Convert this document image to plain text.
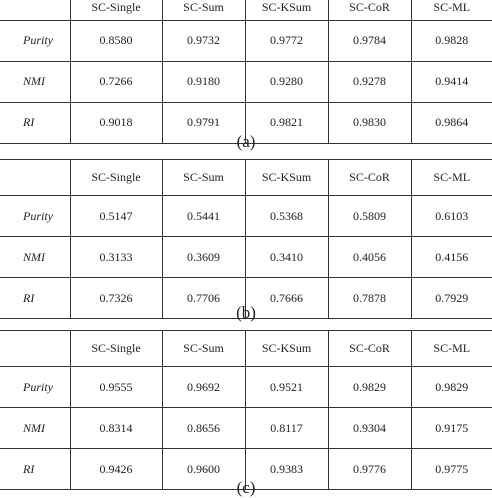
	SC-Single	SC-Sum	SC-KSum	SC-CoR	SC-ML
Purity	0.8580	0.9732	0.9772	0.9784	0.9828
NMI	0.7266	0.9180	0.9280	0.9278	0.9414
RI	0.9018	0.9791	0.9821	0.9830	0.9864
(a)
	SC-Single	SC-Sum	SC-KSum	SC-CoR	SC-ML
Purity	0.5147	0.5441	0.5368	0.5809	0.6103
NMI	0.3133	0.3609	0.3410	0.4056	0.4156
RI	0.7326	0.7706	0.7666	0.7878	0.7929
(b)
	SC-Single	SC-Sum	SC-KSum	SC-CoR	SC-ML
Purity	0.9555	0.9692	0.9521	0.9829	0.9829
NMI	0.8314	0.8656	0.8117	0.9304	0.9175
RI	0.9426	0.9600	0.9383	0.9776	0.9775
(c)
